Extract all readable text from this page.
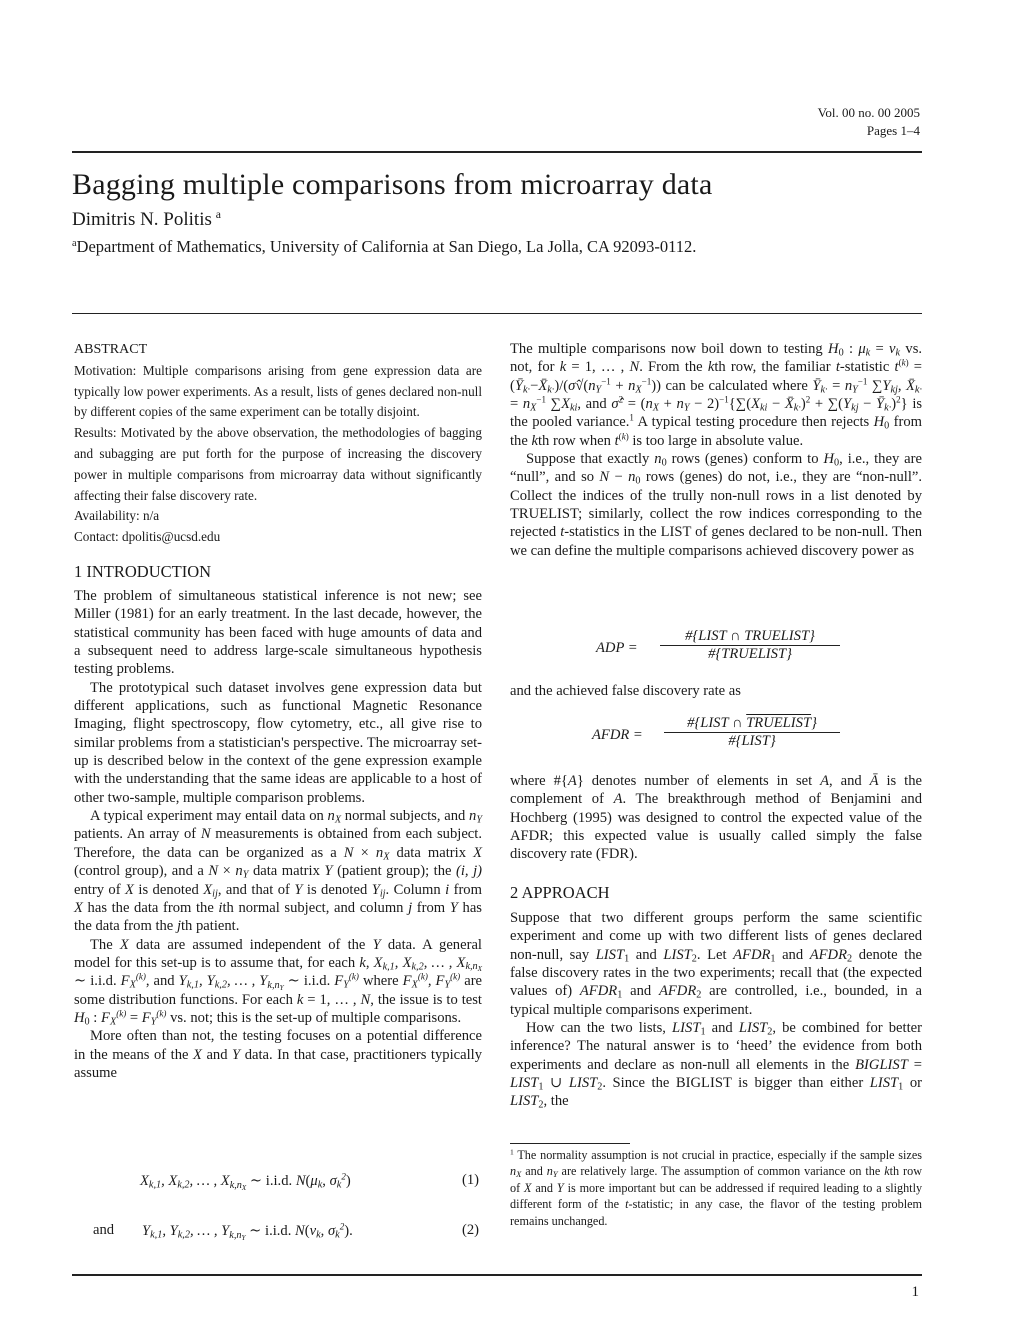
Vol. 00 no. 00 2005
Pages 1–4
Bagging multiple comparisons from microarray data
Dimitris N. Politis  $^a$
$^a$Department of Mathematics, University of California at San Diego, La Jolla, CA 92093-0112.

ABSTRACT

Motivation: Multiple comparisons arising from gene expression data are typically low power experiments. As a result, lists of genes declared non-null by different copies of the same experiment can be totally disjoint.

Results: Motivated by the above observation, the methodologies of bagging and subagging are put forth for the purpose of increasing the discovery power in multiple comparisons from microarray data without significantly affecting their false discovery rate.

Availability: n/a

Contact: dpolitis@ucsd.edu

1 INTRODUCTION

The problem of simultaneous statistical inference is not new; see Miller (1981) for an early treatment. In the last decade, however, the statistical community has been faced with huge amounts of data and a subsequent need to address large-scale simultaneous hypothesis testing problems.

The prototypical such dataset involves gene expression data but different applications, such as functional Magnetic Resonance Imaging, flight spectroscopy, flow cytometry, etc., all give rise to similar problems from a statistician's perspective. The microarray set-up is described below in the context of the gene expression example with the understanding that the same ideas are applicable to a host of other two-sample, multiple comparison problems.

A typical experiment may entail data on $n_X$ normal subjects, and $n_Y$ patients. An array of N measurements is obtained from each subject. Therefore, the data can be organized as a $N \times n_X$ data matrix X (control group), and a $N \times n_Y$ data matrix Y (patient group); the (i, j) entry of X is denoted $X_{ij}$, and that of Y is denoted $Y_{ij}$. Column i from X has the data from the ith normal subject, and column j from Y has the data from the jth patient.

The X data are assumed independent of the Y data. A general model for this set-up is to assume that, for each k, $X_{k,1}$, $X_{k,2}$, … , $X_{k,n_X}$ ∼ i.i.d. $F_X^{(k)}$, and $Y_{k,1}$, $Y_{k,2}$, … , $Y_{k,n_Y}$ ∼ i.i.d. $F_Y^{(k)}$ where $F_X^{(k)}$, $F_Y^{(k)}$ are some distribution functions. For each k = 1, … , N, the issue is to test $H_0$ : $F_X^{(k)} = F_Y^{(k)}$ vs. not; this is the set-up of multiple comparisons.

More often than not, the testing focuses on a potential difference in the means of the X and Y data. In that case, practitioners typically assume

$X_{k,1}$, $X_{k,2}$, … , $X_{k,n_X}$ ∼ i.i.d. $N(\mu_k$, $\sigma_k^2$)	(1)
and $Y_{k,1}$, $Y_{k,2}$, … , $Y_{k,n_Y}$ ∼ i.i.d. $N(\nu_k$, $\sigma_k^2$).	(2)

The multiple comparisons now boil down to testing $H_0$ : $\mu_k = \nu_k$ vs. not, for k = 1, … , N. From the kth row, the familiar t-statistic $t^{(k)}$ = $(Ȳ_{k\cdot}-X̄_{k\cdot})/(\sigmâ√(n_Y^{-1} + n_X^{-1}))$ can be calculated where $Ȳ_{k\cdot} = n_Y^{-1}$ $\sum Y_{kj}$, $X̄_{k\cdot} = n_X^{-1}$ $\sum X_{ki}$, and σ̂$^2$ = $(n_X + n_Y - 2)^{-1}\{\sum(X_{ki}$ − $X̄_{k\cdot})^2 + \sum(Y_{kj}$ − $Ȳ_{k\cdot})^2$} is the pooled variance.$^1$ A typical testing procedure then rejects $H_0$ from the kth row when $t^{(k)}$ is too large in absolute value.

Suppose that exactly $n_0$ rows (genes) conform to $H_0$, i.e., they are “null”, and so $N - n_0$ rows (genes) do not, i.e., they are “non-null”. Collect the indices of the trully non-null rows in a list denoted by TRUELIST; similarly, collect the row indices corresponding to the rejected t-statistics in the LIST of genes declared to be non-null. Then we can define the multiple comparisons achieved discovery power as

ADP =
#{LIST ∩ TRUELIST}
#{TRUELIST}
and the achieved false discovery rate as
AFDR =
#{LIST ∩ TRUELIST}
#{LIST}

where #{A} denotes number of elements in set A, and Ā is the complement of A. The breakthrough method of Benjamini and Hochberg (1995) was designed to control the expected value of the AFDR; this expected value is usually called simply the false discovery rate (FDR).

2 APPROACH

Suppose that two different groups perform the same scientific experiment and come up with two different lists of genes declared non-null, say $LIST_1$ and $LIST_2$. Let $AFDR_1$ and $AFDR_2$ denote the false discovery rates in the two experiments; recall that (the expected values of) $AFDR_1$ and $AFDR_2$ are controlled, i.e., bounded, in a typical multiple comparisons experiment.

How can the two lists, $LIST_1$ and $LIST_2$, be combined for better inference? The natural answer is to ‘heed’ the evidence from both experiments and declare as non-null all elements in the BIGLIST = $LIST_1$ ∪ $LIST_2$. Since the BIGLIST is bigger than either $LIST_1$ or $LIST_2$, the

$^1$ The normality assumption is not crucial in practice, especially if the sample sizes $n_X$ and $n_Y$ are relatively large. The assumption of common variance on the kth row of X and Y is more important but can be addressed if required leading to a slightly different form of the t-statistic; in any case, the flavor of the testing problem remains unchanged.
1
